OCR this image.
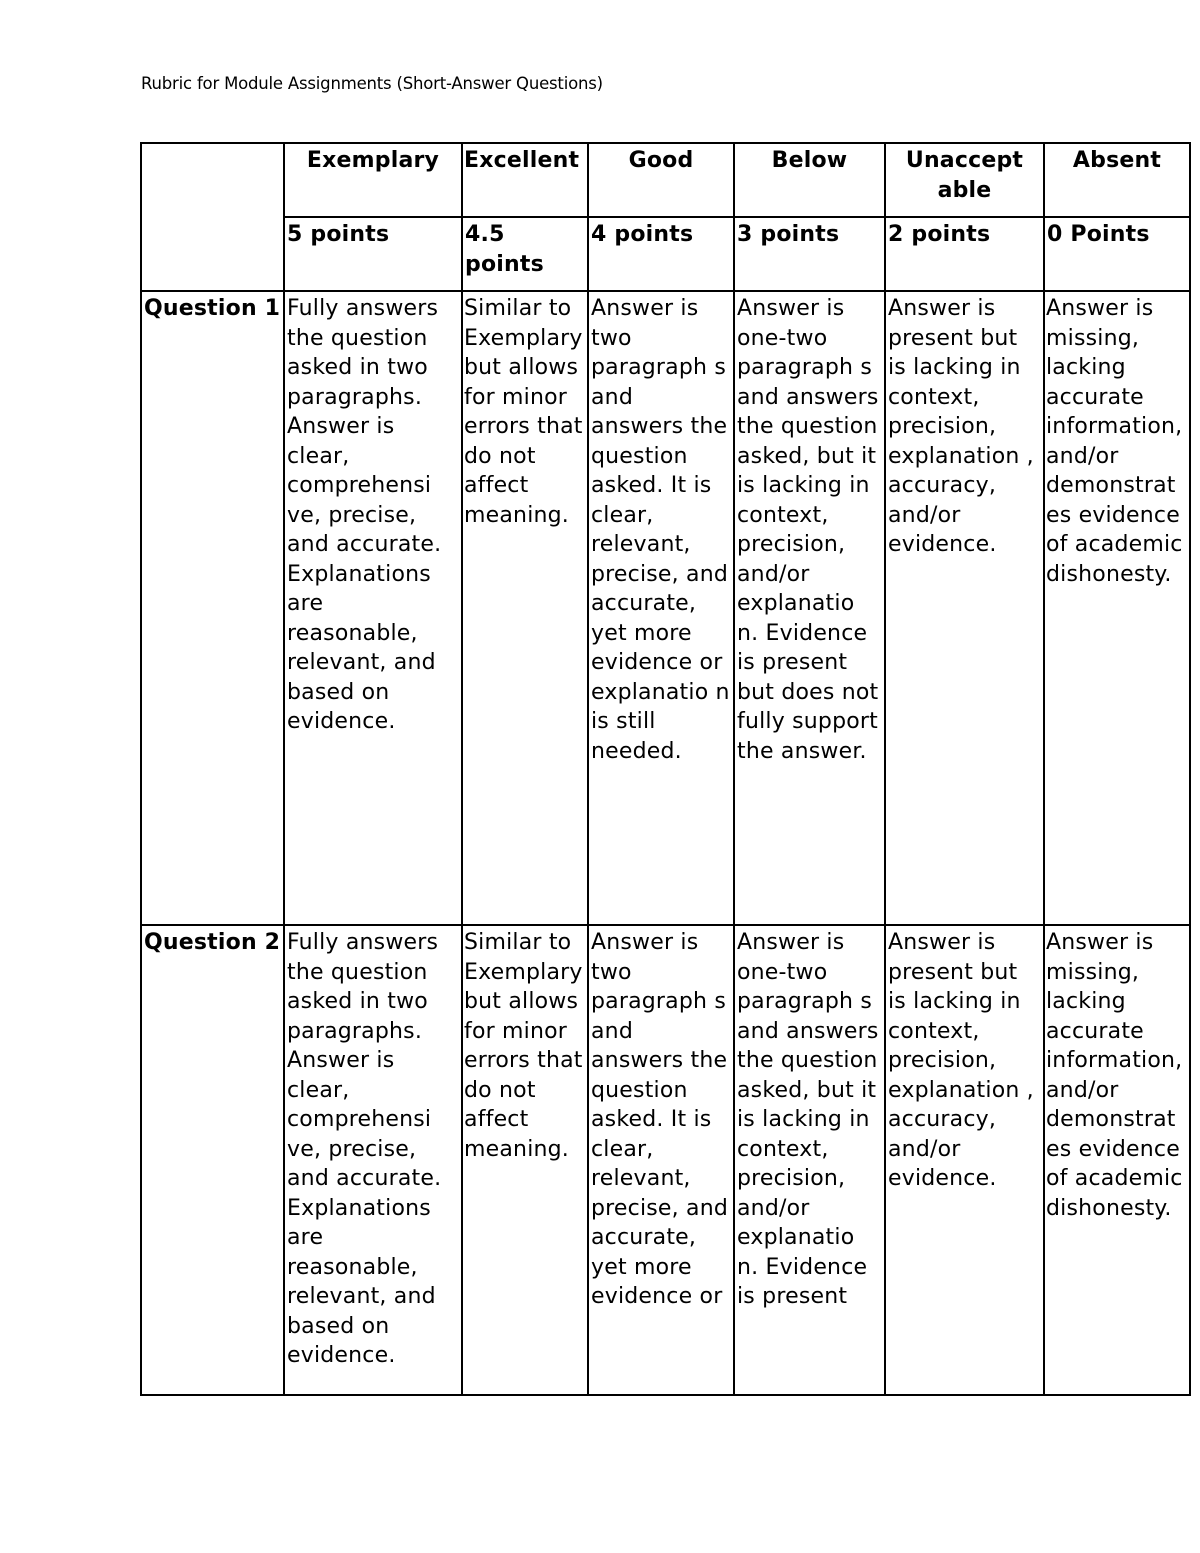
Rubric for Module Assignments (Short-Answer Questions)
	Exemplary	Excellent	Good	Below	Unaccept able	Absent
	5 points	4.5 points	4 points	3 points	2 points	0 Points
Question 1	Fully answers the question asked in two paragraphs. Answer is clear, comprehensi ve, precise, and accurate. Explanations are reasonable, relevant, and based on evidence.	Similar to Exemplary but allows for minor errors that do not affect meaning.	Answer is two paragraph s and answers the question asked. It is clear, relevant, precise, and accurate, yet more evidence or explanatio n is still needed.	Answer is one-two paragraph s and answers the question asked, but it is lacking in context, precision, and/or explanatio n. Evidence is present but does not fully support the answer.	Answer is present but is lacking in context, precision, explanation , accuracy, and/or evidence.	Answer is missing, lacking accurate information, and/or demonstrat es evidence of academic dishonesty.
Question 2	Fully answers the question asked in two paragraphs. Answer is clear, comprehensi ve, precise, and accurate. Explanations are reasonable, relevant, and based on evidence.	Similar to Exemplary but allows for minor errors that do not affect meaning.	Answer is two paragraph s and answers the question asked. It is clear, relevant, precise, and accurate, yet more evidence or	Answer is one-two paragraph s and answers the question asked, but it is lacking in context, precision, and/or explanatio n. Evidence is present	Answer is present but is lacking in context, precision, explanation , accuracy, and/or evidence.	Answer is missing, lacking accurate information, and/or demonstrat es evidence of academic dishonesty.
